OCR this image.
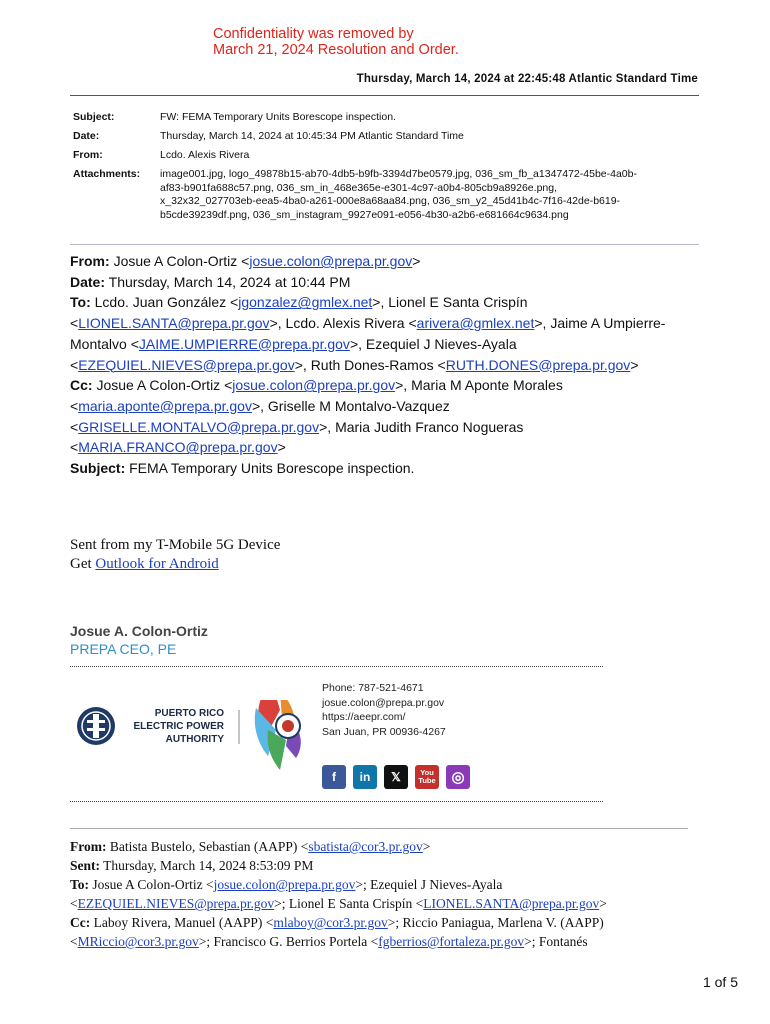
Confidentiality was removed by
March 21, 2024 Resolution and Order.
Thursday, March 14, 2024 at 22:45:48 Atlantic Standard Time
Subject:	FW: FEMA Temporary Units Borescope inspection.
Date:	Thursday, March 14, 2024 at 10:45:34 PM Atlantic Standard Time
From:	Lcdo. Alexis Rivera
Attachments:	image001.jpg, logo_49878b15-ab70-4db5-b9fb-3394d7be0579.jpg, 036_sm_fb_a1347472-45be-4a0b-
af83-b901fa688c57.png, 036_sm_in_468e365e-e301-4c97-a0b4-805cb9a8926e.png,
x_32x32_027703eb-eea5-4ba0-a261-000e8a68aa84.png, 036_sm_y2_45d41b4c-7f16-42de-b619-
b5cde39239df.png, 036_sm_instagram_9927e091-e056-4b30-a2b6-e681664c9634.png
From: Josue A Colon-Ortiz <josue.colon@prepa.pr.gov>
Date: Thursday, March 14, 2024 at 10:44 PM
To: Lcdo. Juan González <jgonzalez@gmlex.net>, Lionel E Santa Crispín <LIONEL.SANTA@prepa.pr.gov>, Lcdo. Alexis Rivera <arivera@gmlex.net>, Jaime A Umpierre-Montalvo <JAIME.UMPIERRE@prepa.pr.gov>, Ezequiel J Nieves-Ayala <EZEQUIEL.NIEVES@prepa.pr.gov>, Ruth Dones-Ramos <RUTH.DONES@prepa.pr.gov>
Cc: Josue A Colon-Ortiz <josue.colon@prepa.pr.gov>, Maria M Aponte Morales <maria.aponte@prepa.pr.gov>, Griselle M Montalvo-Vazquez <GRISELLE.MONTALVO@prepa.pr.gov>, Maria Judith Franco Nogueras <MARIA.FRANCO@prepa.pr.gov>
Subject: FEMA Temporary Units Borescope inspection.
Sent from my T-Mobile 5G Device
Get Outlook for Android
Josue A. Colon-Ortiz
PREPA CEO, PE
PUERTO RICO
ELECTRIC POWER
AUTHORITY
Phone: 787-521-4671
josue.colon@prepa.pr.gov
https://aeepr.com/
San Juan, PR 00936-4267
f	in	𝕏	You
Tube	◎
From: Batista Bustelo, Sebastian (AAPP) <sbatista@cor3.pr.gov>
Sent: Thursday, March 14, 2024 8:53:09 PM
To: Josue A Colon-Ortiz <josue.colon@prepa.pr.gov>; Ezequiel J Nieves-Ayala <EZEQUIEL.NIEVES@prepa.pr.gov>; Lionel E Santa Crispín <LIONEL.SANTA@prepa.pr.gov>
Cc: Laboy Rivera, Manuel (AAPP) <mlaboy@cor3.pr.gov>; Riccio Paniagua, Marlena V. (AAPP) <MRiccio@cor3.pr.gov>; Francisco G. Berrios Portela <fgberrios@fortaleza.pr.gov>; Fontanés
1 of 5
